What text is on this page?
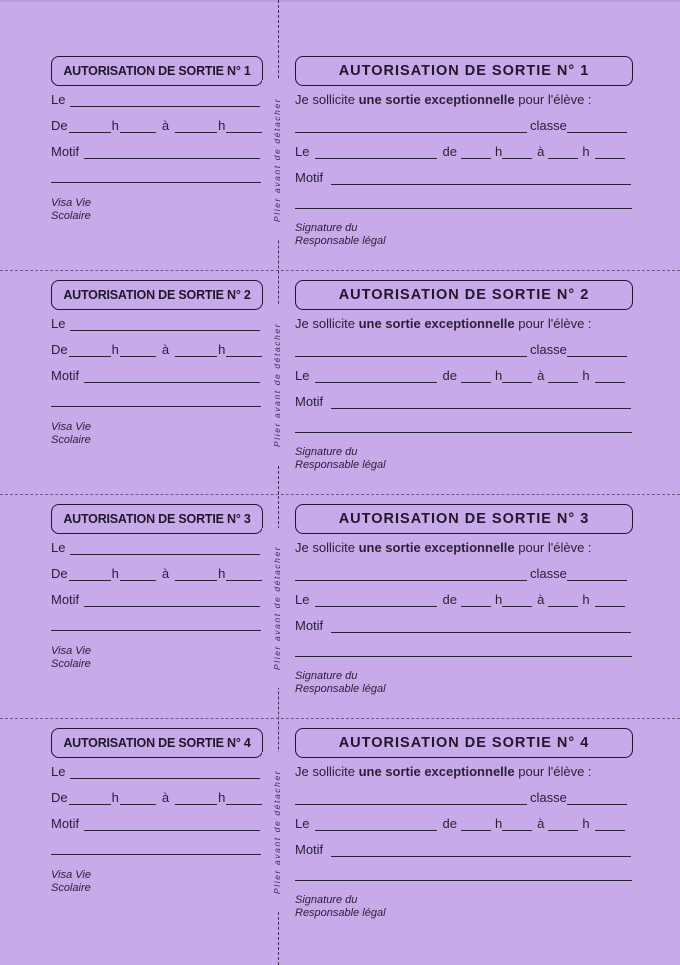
AUTORISATION DE SORTIE N° 1
Le
De	h	à	h
Motif
Visa Vie
Scolaire
AUTORISATION DE SORTIE N° 1
Je sollicite une sortie exceptionnelle pour l'élève :
classe
Le	de	h	à	h
Motif
Signature du
Responsable légal
AUTORISATION DE SORTIE N° 2
Le
De	h	à	h
Motif
Visa Vie
Scolaire
AUTORISATION DE SORTIE N° 2
Je sollicite une sortie exceptionnelle pour l'élève :
classe
Le	de	h	à	h
Motif
Signature du
Responsable légal
AUTORISATION DE SORTIE N° 3
Le
De	h	à	h
Motif
Visa Vie
Scolaire
AUTORISATION DE SORTIE N° 3
Je sollicite une sortie exceptionnelle pour l'élève :
classe
Le	de	h	à	h
Motif
Signature du
Responsable légal
AUTORISATION DE SORTIE N° 4
Le
De	h	à	h
Motif
Visa Vie
Scolaire
AUTORISATION DE SORTIE N° 4
Je sollicite une sortie exceptionnelle pour l'élève :
classe
Le	de	h	à	h
Motif
Signature du
Responsable légal
Plier avant de détacher
Plier avant de détacher
Plier avant de détacher
Plier avant de détacher
